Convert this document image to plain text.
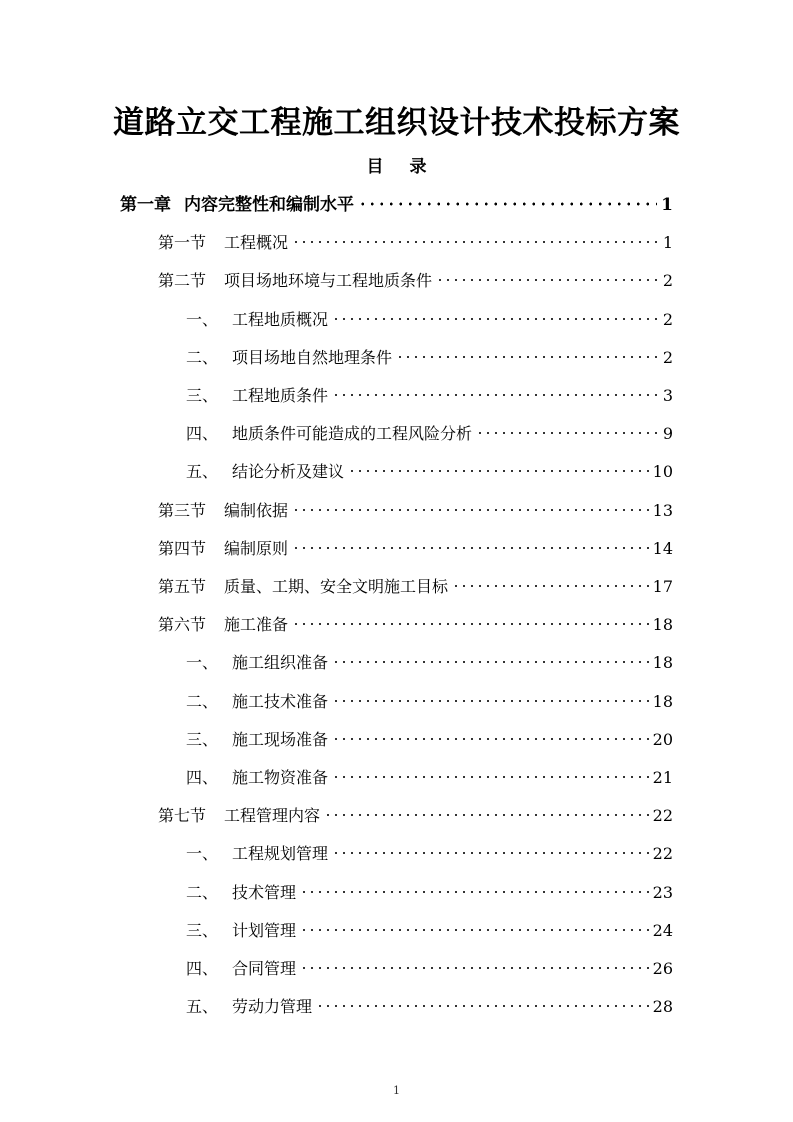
道路立交工程施工组织设计技术投标方案
目 录
第一章 内容完整性和编制水平	1
第一节	工程概况	1
第二节	项目场地环境与工程地质条件	2
一、 工程地质概况	2
二、 项目场地自然地理条件	2
三、 工程地质条件	3
四、 地质条件可能造成的工程风险分析	9
五、 结论分析及建议	10
第三节	编制依据	13
第四节	编制原则	14
第五节	质量、工期、安全文明施工目标	17
第六节	施工准备	18
一、 施工组织准备	18
二、 施工技术准备	18
三、 施工现场准备	20
四、 施工物资准备	21
第七节	工程管理内容	22
一、 工程规划管理	22
二、 技术管理	23
三、 计划管理	24
四、 合同管理	26
五、 劳动力管理	28
1
